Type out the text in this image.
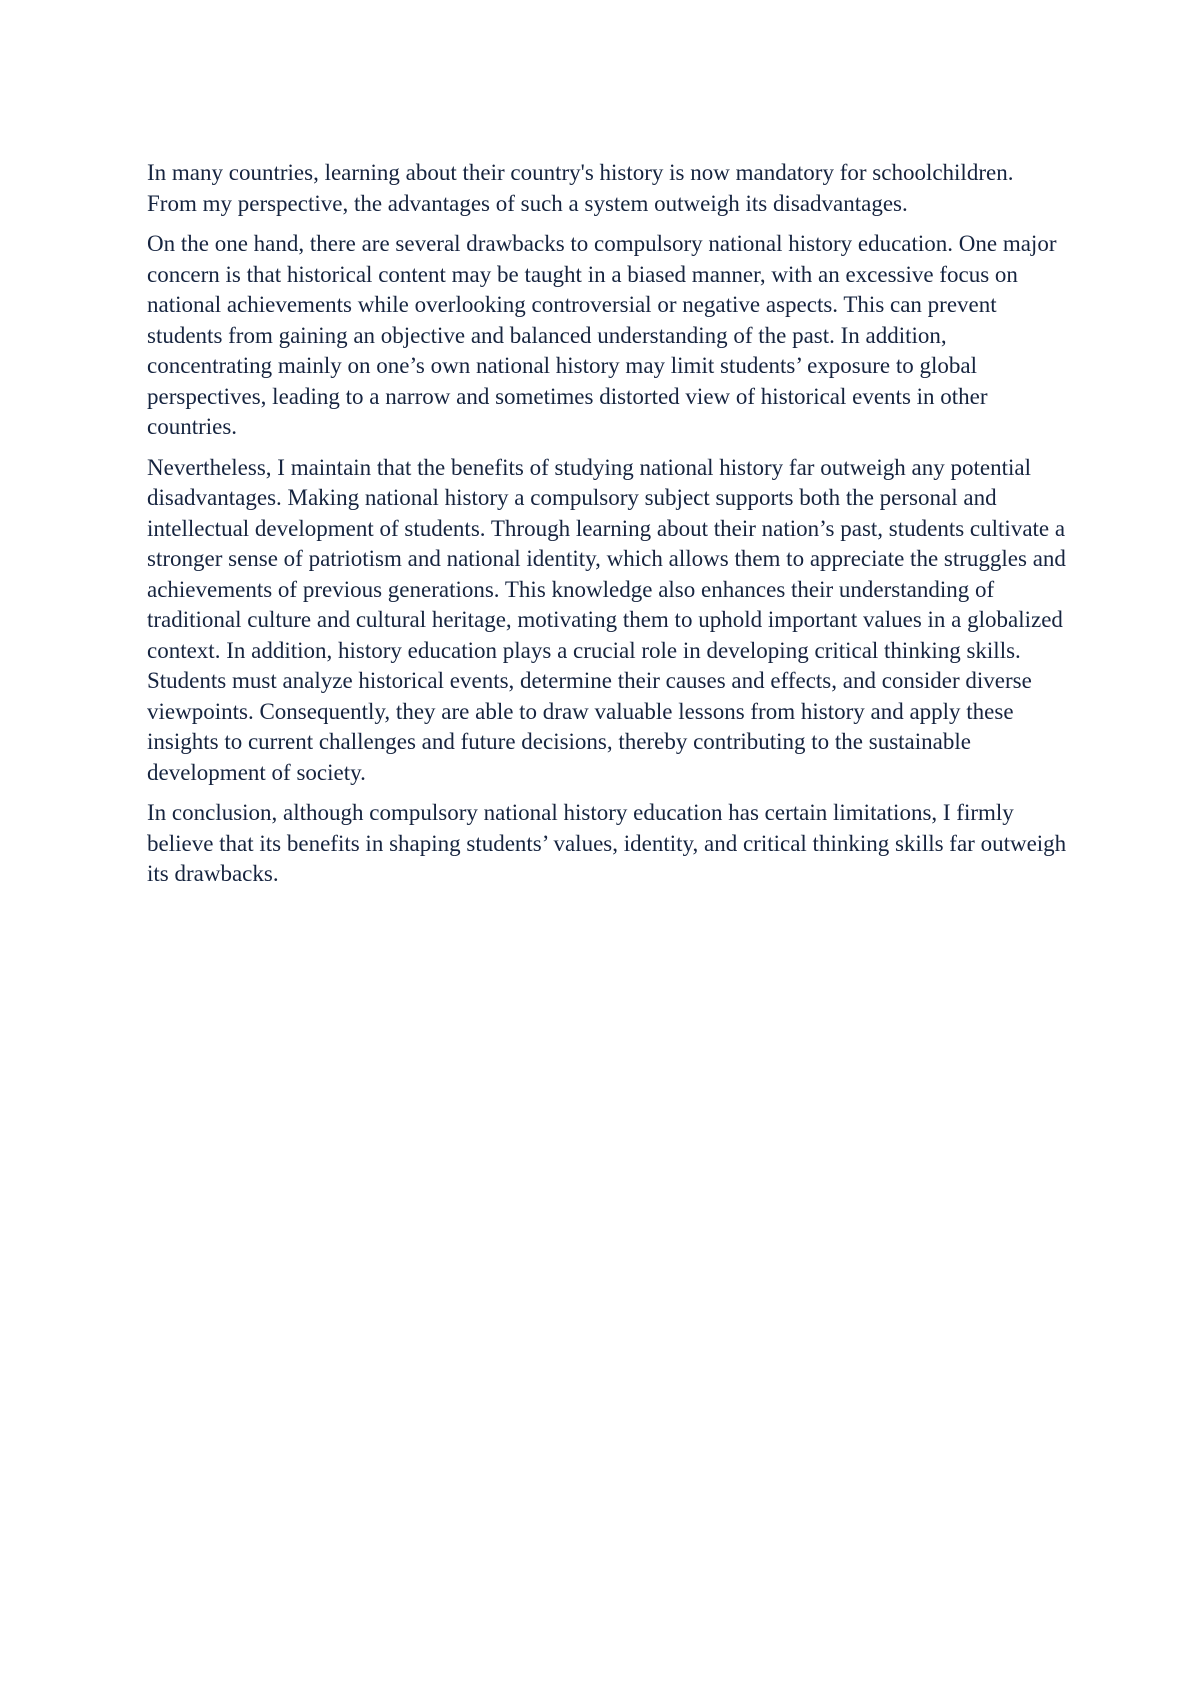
In many countries, learning about their country's history is now mandatory for schoolchildren. From my perspective, the advantages of such a system outweigh its disadvantages.

On the one hand, there are several drawbacks to compulsory national history education. One major concern is that historical content may be taught in a biased manner, with an excessive focus on national achievements while overlooking controversial or negative aspects. This can prevent students from gaining an objective and balanced understanding of the past. In addition, concentrating mainly on one’s own national history may limit students’ exposure to global perspectives, leading to a narrow and sometimes distorted view of historical events in other countries.

Nevertheless, I maintain that the benefits of studying national history far outweigh any potential disadvantages. Making national history a compulsory subject supports both the personal and intellectual development of students. Through learning about their nation’s past, students cultivate a stronger sense of patriotism and national identity, which allows them to appreciate the struggles and achievements of previous generations. This knowledge also enhances their understanding of traditional culture and cultural heritage, motivating them to uphold important values in a globalized context. In addition, history education plays a crucial role in developing critical thinking skills. Students must analyze historical events, determine their causes and effects, and consider diverse viewpoints. Consequently, they are able to draw valuable lessons from history and apply these insights to current challenges and future decisions, thereby contributing to the sustainable development of society.

In conclusion, although compulsory national history education has certain limitations, I firmly believe that its benefits in shaping students’ values, identity, and critical thinking skills far outweigh its drawbacks.
